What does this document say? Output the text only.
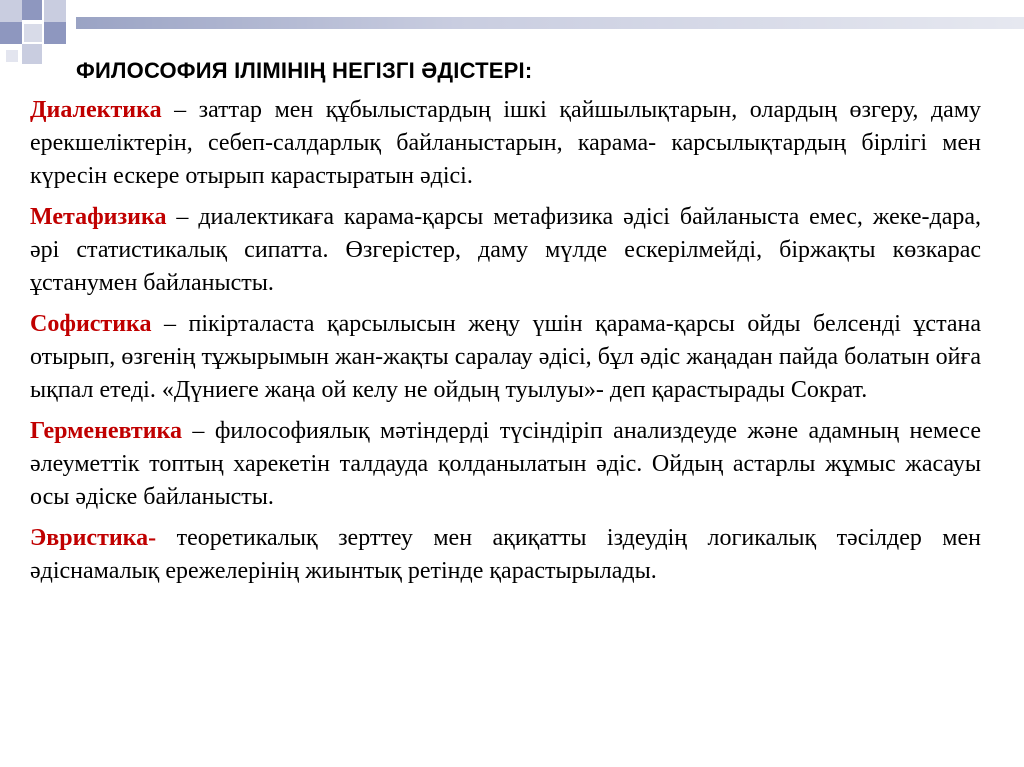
ФИЛОСОФИЯ ІЛІМІНІҢ НЕГІЗГІ ӘДІСТЕРІ:

Диалектика – заттар мен құбылыстардың ішкі қайшылықтарын, олардың өзгеру, даму ерекшеліктерін, себеп-салдарлық байланыстарын, карама- карсылықтардың бірлігі мен күресін ескере отырып карастыратын әдісі.

Метафизика – диалектикаға карама-қарсы метафизика әдісі байланыста емес, жеке-дара, әрі статистикалық сипатта. Өзгерістер, даму мүлде ескерілмейді, біржақты көзкарас ұстанумен байланысты.

Софистика – пікірталаста қарсылысын жеңу үшін қарама-қарсы ойды белсенді ұстана отырып, өзгенің тұжырымын жан-жақты саралау әдісі, бұл әдіс жаңадан пайда болатын ойға ықпал етеді. «Дүниеге жаңа ой келу не ойдың туылуы»- деп қарастырады Сократ.

Герменевтика – философиялық мәтіндерді түсіндіріп анализдеуде және адамның немесе әлеуметтік топтың харекетін талдауда қолданылатын әдіс. Ойдың астарлы жұмыс жасауы осы әдіске байланысты.

Эвристика- теоретикалық зерттеу мен ақиқатты іздеудің логикалық тәсілдер мен әдіснамалық ережелерінің жиынтық ретінде қарастырылады.
